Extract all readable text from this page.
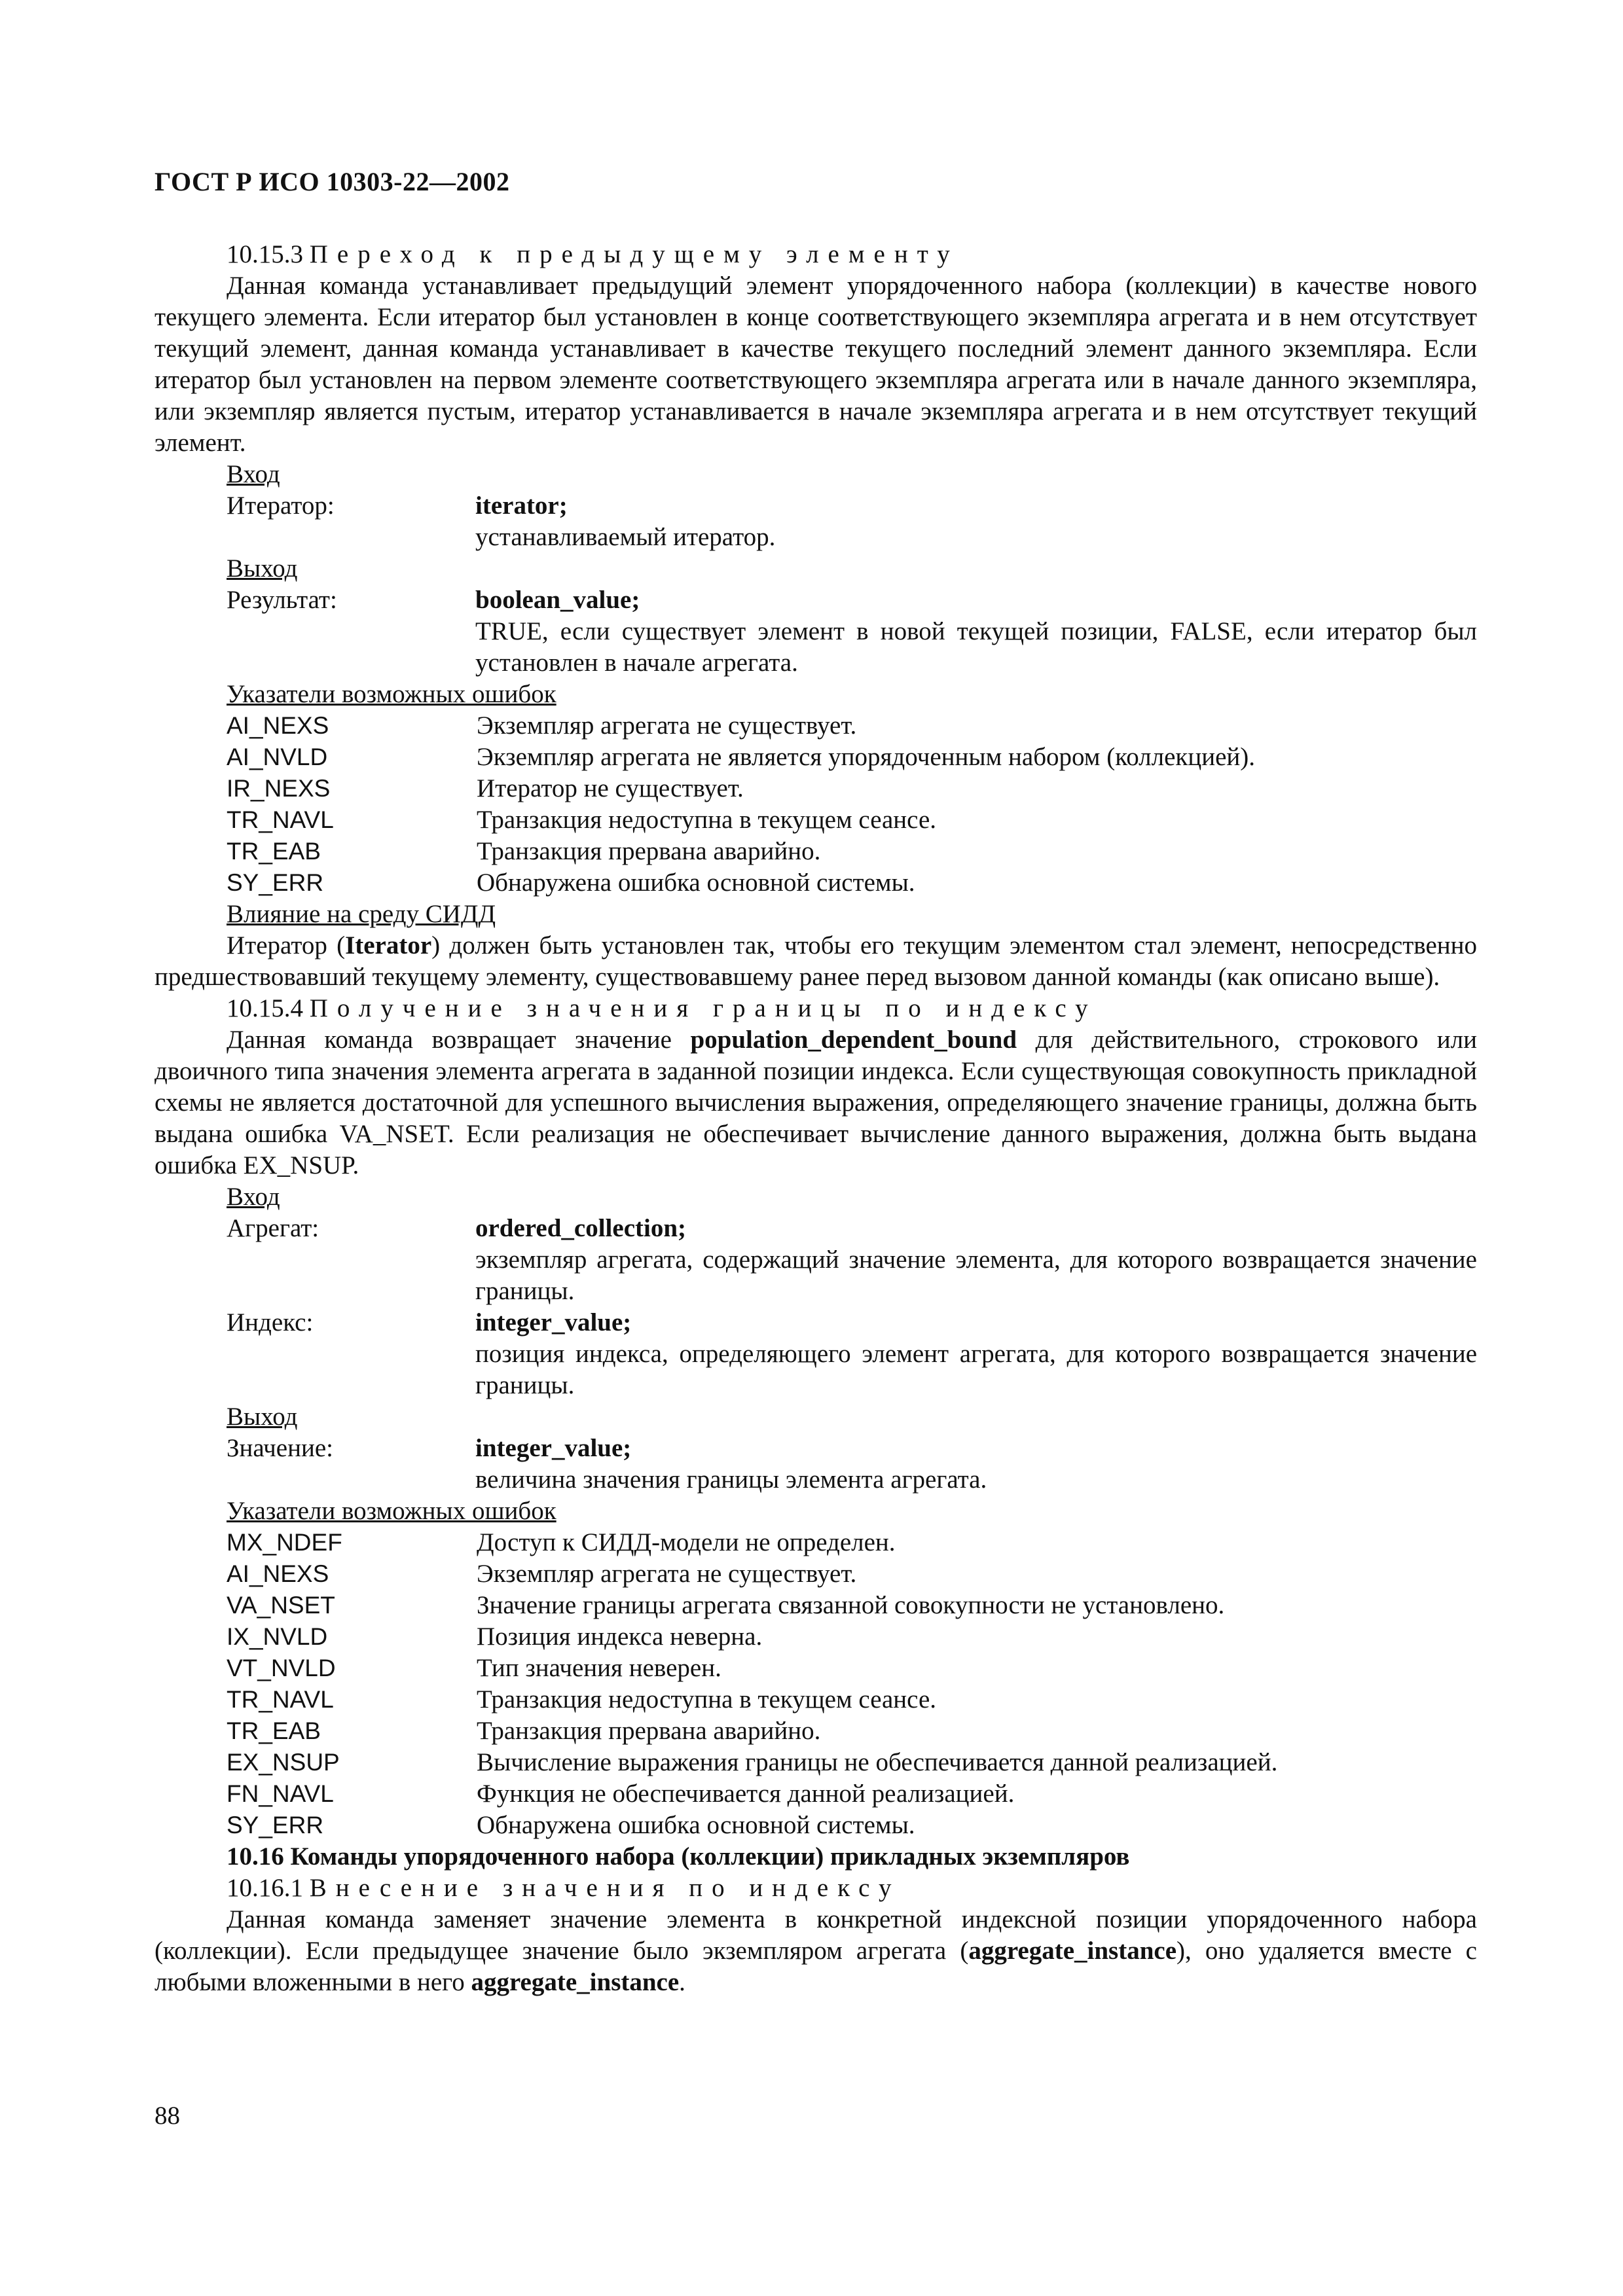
ГОСТ Р ИСО 10303-22—2002
10.15.3 Переход к предыдущему элементу

Данная команда устанавливает предыдущий элемент упорядоченного набора (коллекции) в качестве нового текущего элемента. Если итератор был установлен в конце соответствующего экземпляра агрегата и в нем отсутствует текущий элемент, данная команда устанавливает в качестве текущего последний элемент данного экземпляра. Если итератор был установлен на первом элементе соответствующего экземпляра агрегата или в начале данного экземпляра, или экземпляр является пустым, итератор устанавливается в начале экземпляра агрегата и в нем отсутствует текущий элемент.

Вход
Итератор:	iterator;
устанавливаемый итератор.
Выход
Результат:	boolean_value;
TRUE, если существует элемент в новой текущей позиции, FALSE, если итератор был установлен в начале агрегата.
Указатели возможных ошибок
AI_NEXS	Экземпляр агрегата не существует.
AI_NVLD	Экземпляр агрегата не является упорядоченным набором (коллекцией).
IR_NEXS	Итератор не существует.
TR_NAVL	Транзакция недоступна в текущем сеансе.
TR_EAB	Транзакция прервана аварийно.
SY_ERR	Обнаружена ошибка основной системы.
Влияние на среду СИДД

Итератор (Iterator) должен быть установлен так, чтобы его текущим элементом стал элемент, непосредственно предшествовавший текущему элементу, существовавшему ранее перед вызовом данной команды (как описано выше).

10.15.4 Получение значения границы по индексу

Данная команда возвращает значение population_dependent_bound для действительного, строкового или двоичного типа значения элемента агрегата в заданной позиции индекса. Если существующая совокупность прикладной схемы не является достаточной для успешного вычисления выражения, определяющего значение границы, должна быть выдана ошибка VA_NSET. Если реализация не обеспечивает вычисление данного выражения, должна быть выдана ошибка EX_NSUP.

Вход
Агрегат:	ordered_collection;
экземпляр агрегата, содержащий значение элемента, для которого возвращается значение границы.
Индекс:	integer_value;
позиция индекса, определяющего элемент агрегата, для которого возвращается значение границы.
Выход
Значение:	integer_value;
величина значения границы элемента агрегата.
Указатели возможных ошибок
MX_NDEF	Доступ к СИДД-модели не определен.
AI_NEXS	Экземпляр агрегата не существует.
VA_NSET	Значение границы агрегата связанной совокупности не установлено.
IX_NVLD	Позиция индекса неверна.
VT_NVLD	Тип значения неверен.
TR_NAVL	Транзакция недоступна в текущем сеансе.
TR_EAB	Транзакция прервана аварийно.
EX_NSUP	Вычисление выражения границы не обеспечивается данной реализацией.
FN_NAVL	Функция не обеспечивается данной реализацией.
SY_ERR	Обнаружена ошибка основной системы.
10.16 Команды упорядоченного набора (коллекции) прикладных экземпляров
10.16.1 Внесение значения по индексу

Данная команда заменяет значение элемента в конкретной индексной позиции упорядоченного набора (коллекции). Если предыдущее значение было экземпляром агрегата (aggregate_instance), оно удаляется вместе с любыми вложенными в него aggregate_instance.

88
